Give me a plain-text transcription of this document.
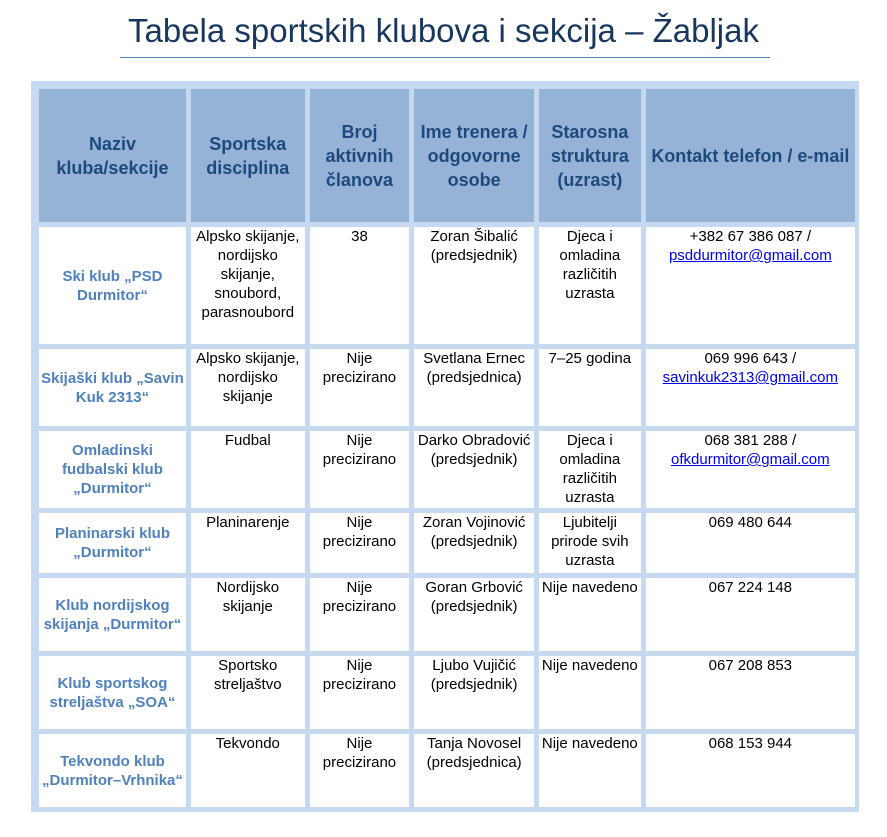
Tabela sportskih klubova i sekcija – Žabljak
Naziv kluba/sekcije	Sportska disciplina	Broj aktivnih članova	Ime trenera / odgovorne osobe	Starosna struktura (uzrast)	Kontakt telefon / e-mail
Ski klub „PSD Durmitor“	Alpsko skijanje, nordijsko skijanje, snoubord, parasnoubord	38	Zoran Šibalić (predsjednik)	Djeca i omladina različitih uzrasta	+382 67 386 087 /
psddurmitor@gmail.com
Skijaški klub „Savin Kuk 2313“	Alpsko skijanje, nordijsko skijanje	Nije precizirano	Svetlana Ernec (predsjednica)	7–25 godina	069 996 643 /
savinkuk2313@gmail.com
Omladinski fudbalski klub „Durmitor“	Fudbal	Nije precizirano	Darko Obradović (predsjednik)	Djeca i omladina različitih uzrasta	068 381 288 /
ofkdurmitor@gmail.com
Planinarski klub „Durmitor“	Planinarenje	Nije precizirano	Zoran Vojinović (predsjednik)	Ljubitelji prirode svih uzrasta	069 480 644
Klub nordijskog skijanja „Durmitor“	Nordijsko skijanje	Nije precizirano	Goran Grbović (predsjednik)	Nije navedeno	067 224 148
Klub sportskog streljaštva „SOA“	Sportsko streljaštvo	Nije precizirano	Ljubo Vujičić (predsjednik)	Nije navedeno	067 208 853
Tekvondo klub „Durmitor–Vrhnika“	Tekvondo	Nije precizirano	Tanja Novosel (predsjednica)	Nije navedeno	068 153 944
